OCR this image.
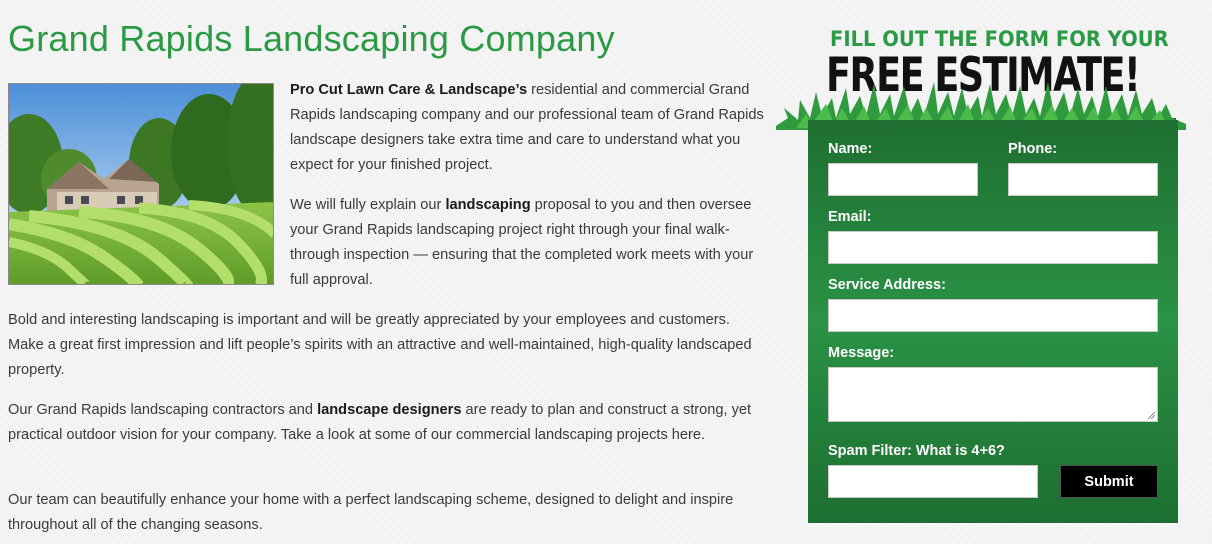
Grand Rapids Landscaping Company

Pro Cut Lawn Care & Landscape’s residential and commercial Grand Rapids landscaping company and our professional team of Grand Rapids landscape designers take extra time and care to understand what you expect for your finished project.

We will fully explain our landscaping proposal to you and then oversee your Grand Rapids landscaping project right through your final walk-through inspection — ensuring that the completed work meets with your full approval.

Bold and interesting landscaping is important and will be greatly appreciated by your employees and customers. Make a great first impression and lift people’s spirits with an attractive and well-maintained, high-quality landscaped property.

Our Grand Rapids landscaping contractors and landscape designers are ready to plan and construct a strong, yet practical outdoor vision for your company. Take a look at some of our commercial landscaping projects here.

Our team can beautifully enhance your home with a perfect landscaping scheme, designed to delight and inspire throughout all of the changing seasons.

FILL OUT THE FORM FOR YOUR
FREE ESTIMATE!
Name:	Phone:
Email:
Service Address:
Message:
Spam Filter: What is 4+6?
Submit
